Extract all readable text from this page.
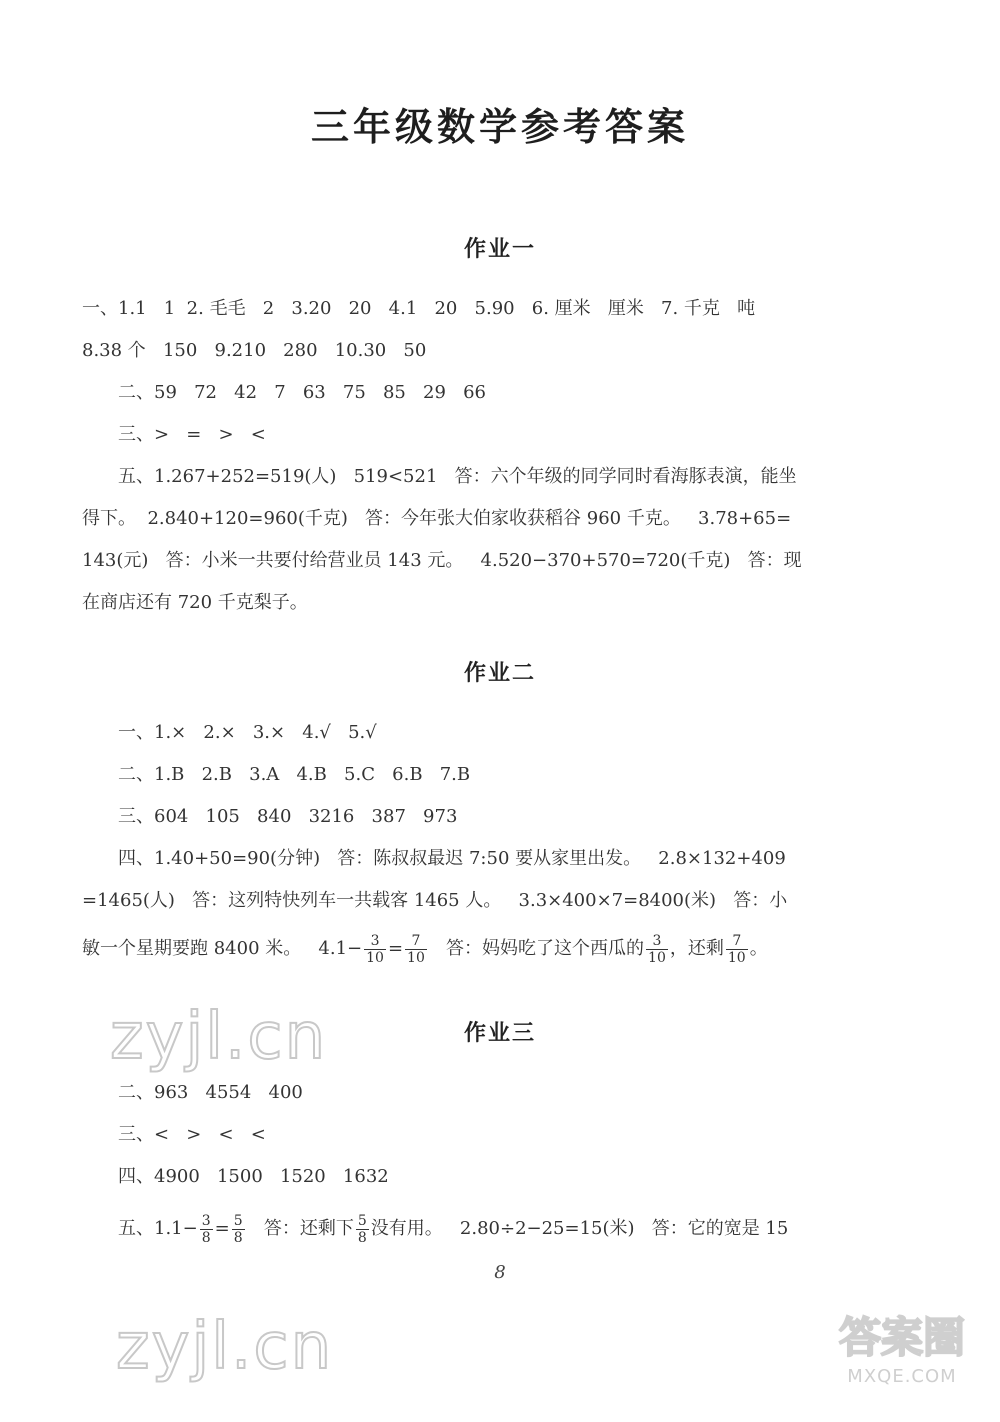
三年级数学参考答案
作业一
一、1.1   1  2. 毛毛   2   3.20   20   4.1   20   5.90   6. 厘米   厘米   7. 千克   吨
8.38 个   150   9.210   280   10.30   50
二、59   72   42   7   63   75   85   29   66
三、>   =   >   <
五、1.267+252=519(人)   519<521   答：六个年级的同学同时看海豚表演，能坐
得下。  2.840+120=960(千克)   答：今年张大伯家收获稻谷 960 千克。   3.78+65=
143(元)   答：小米一共要付给营业员 143 元。   4.520−370+570=720(千克)   答：现
在商店还有 720 千克梨子。
作业二
一、1.×   2.×   3.×   4.√   5.√
二、1.B   2.B   3.A   4.B   5.C   6.B   7.B
三、604   105   840   3216   387   973
四、1.40+50=90(分钟)   答：陈叔叔最迟 7:50 要从家里出发。   2.8×132+409
=1465(人)   答：这列特快列车一共载客 1465 人。   3.3×400×7=8400(米)   答：小
敏一个星期要跑 8400 米。   $4.1- \frac{3}{10} = \frac{7}{10}$ 答：妈妈吃了这个西瓜的 $\frac{3}{10}$ ，还剩 $\frac{7}{10}$ 。
zyjl.cn	作业三
二、963   4554   400
三、<   >   <   <
四、4900   1500   1520   1632
五、$1.1- \frac{3}{8} = \frac{5}{8}$ 答：还剩下 $\frac{5}{8}$ 没有用。   2.80÷2−25=15(米)   答：它的宽是 15
8
zyjl.cn	答案圈
MXQE.COM
